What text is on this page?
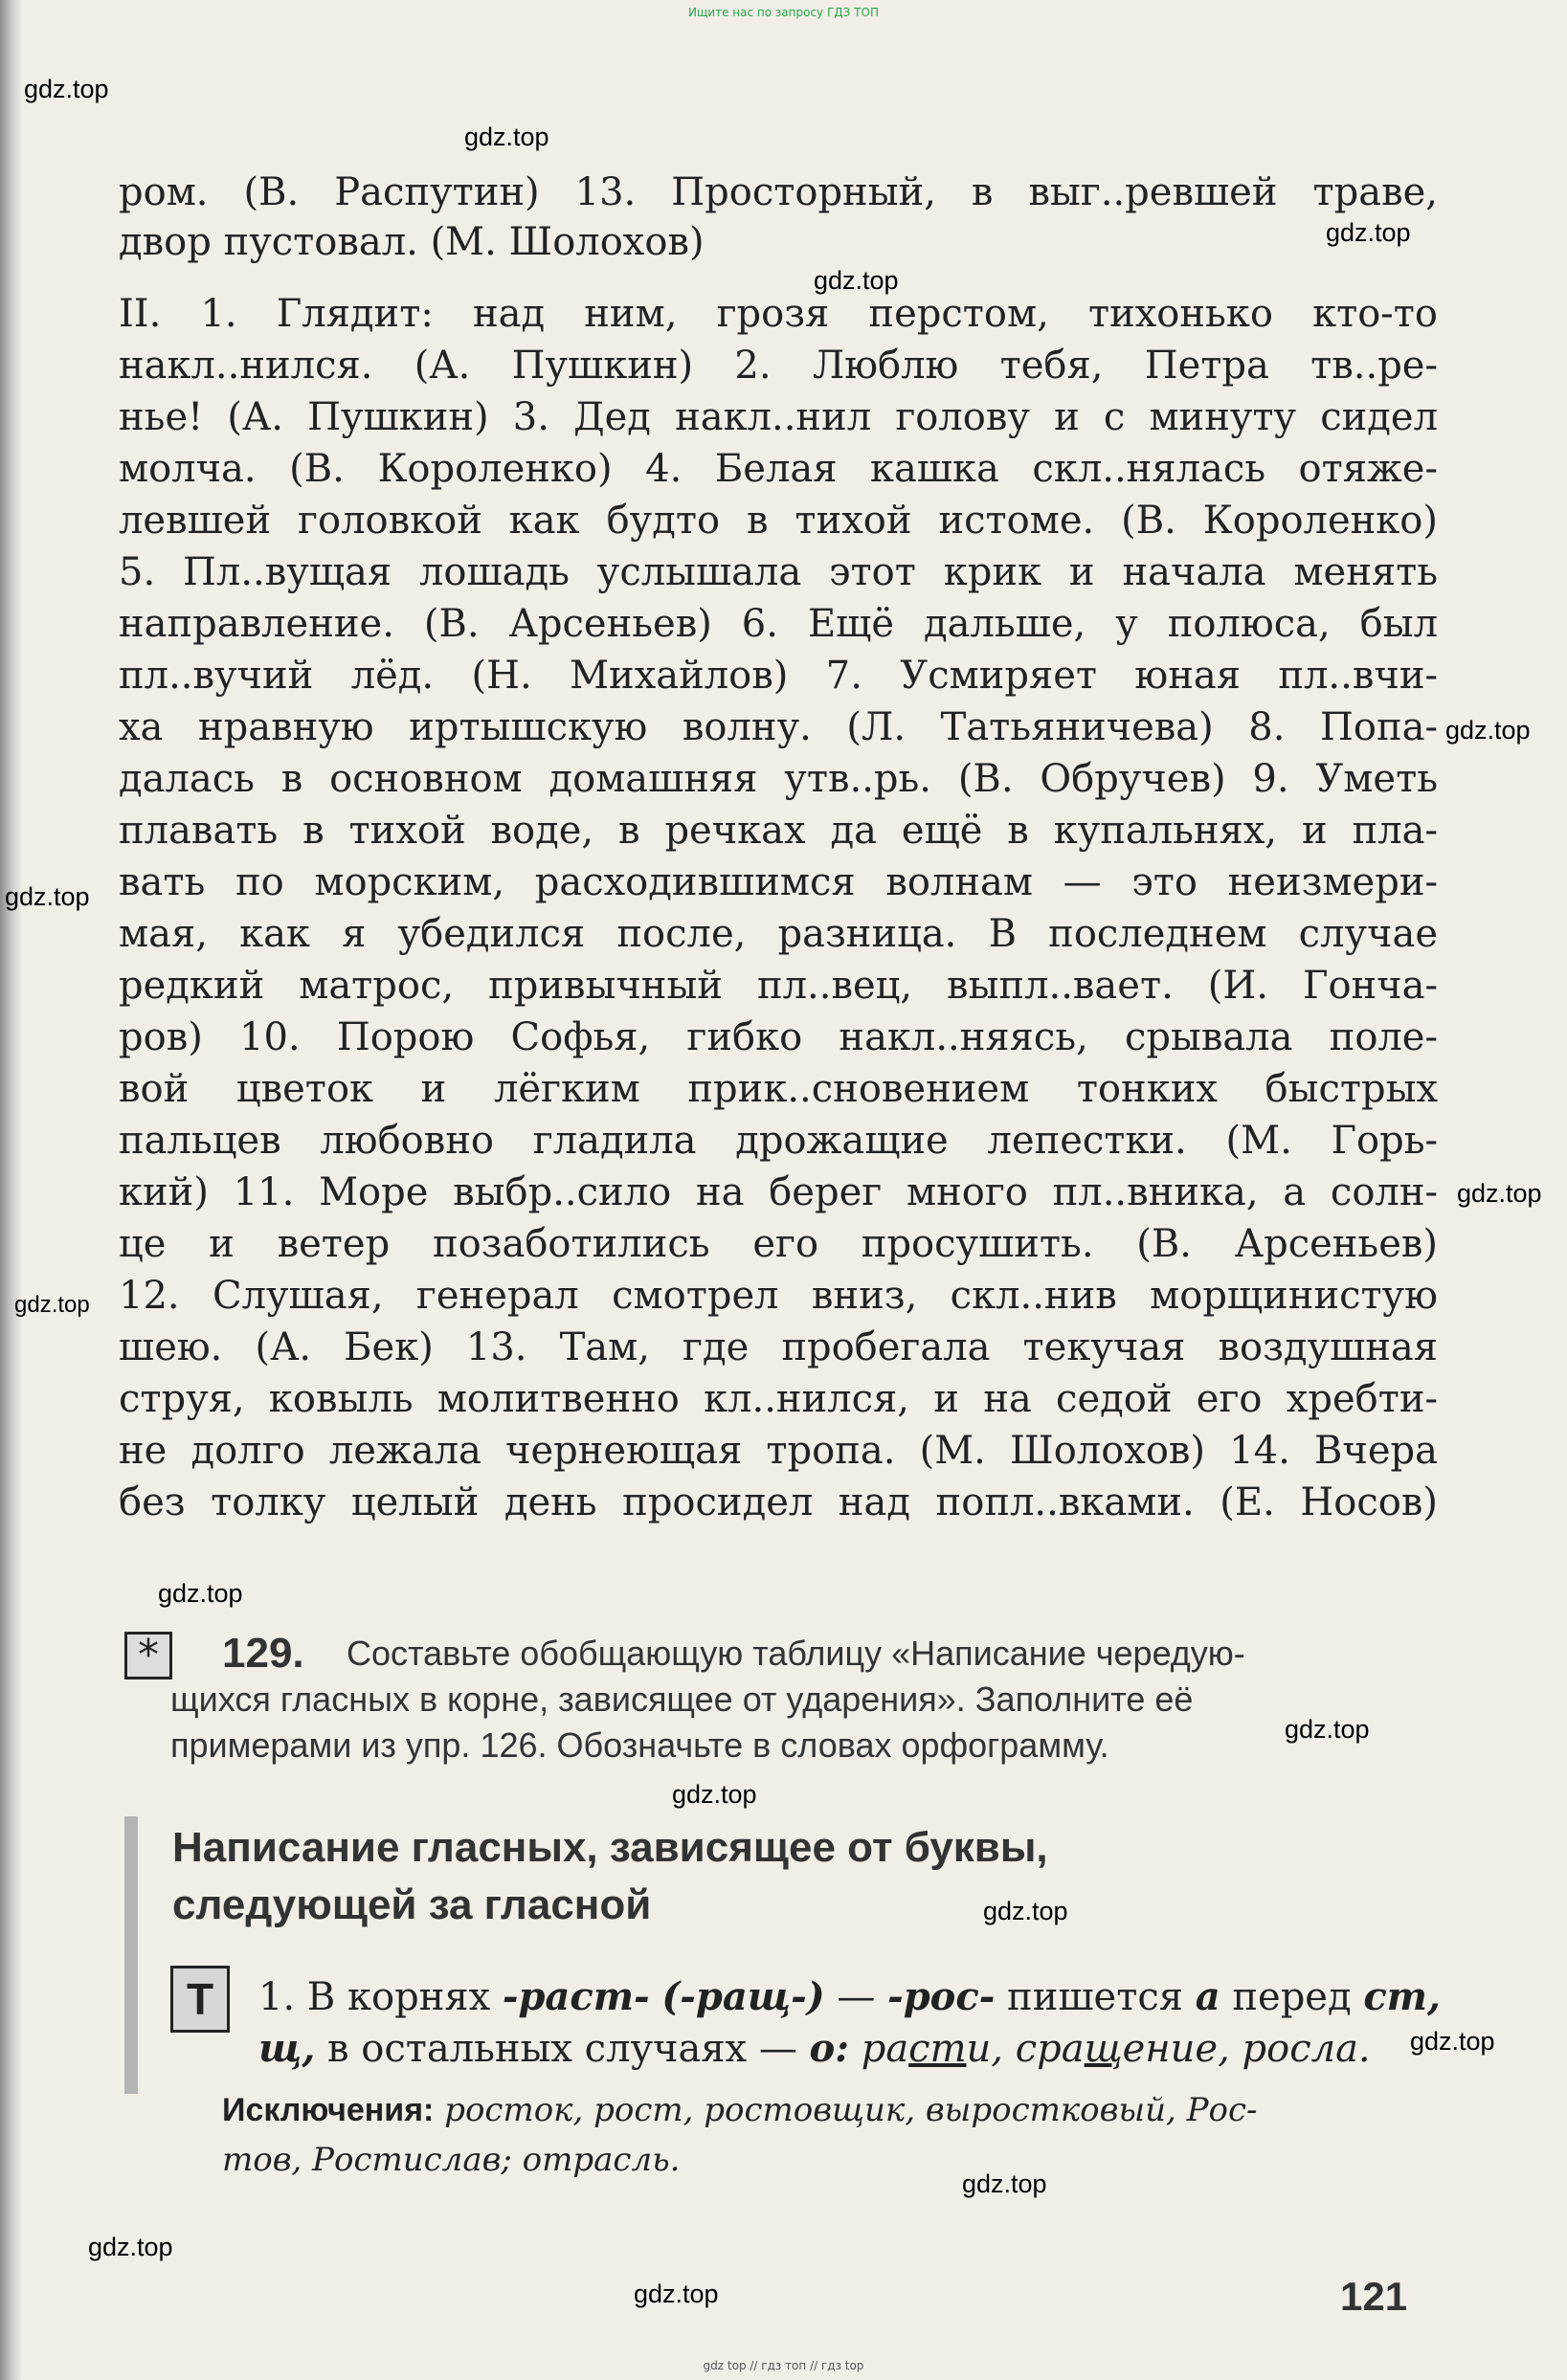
Ищите нас по запросу ГДЗ ТОП
gdz.top
gdz.top
gdz.top
gdz.top
gdz.top
gdz.top
gdz.top
gdz.top
gdz.top
gdz.top
gdz.top
gdz.top
gdz.top
gdz.top
gdz.top
gdz.top
ром. (В. Распутин) 13. Просторный, в выг..ревшей траве,
двор пустовал. (М. Шолохов)
II. 1. Глядит: над ним, грозя перстом, тихонько кто-то
накл..нился. (А. Пушкин) 2. Люблю тебя, Петра тв..ре-
нье! (А. Пушкин) 3. Дед накл..нил голову и с минуту сидел
молча. (В. Короленко) 4. Белая кашка скл..нялась отяже-
левшей головкой как будто в тихой истоме. (В. Короленко)
5. Пл..вущая лошадь услышала этот крик и начала менять
направление. (В. Арсеньев) 6. Ещё дальше, у полюса, был
пл..вучий лёд. (Н. Михайлов) 7. Усмиряет юная пл..вчи-
ха нравную иртышскую волну. (Л. Татьяничева) 8. Попа-
далась в основном домашняя утв..рь. (В. Обручев) 9. Уметь
плавать в тихой воде, в речках да ещё в купальнях, и пла-
вать по морским, расходившимся волнам — это неизмери-
мая, как я убедился после, разница. В последнем случае
редкий матрос, привычный пл..вец, выпл..вает. (И. Гонча-
ров) 10. Порою Софья, гибко накл..няясь, срывала поле-
вой цветок и лёгким прик..сновением тонких быстрых
пальцев любовно гладила дрожащие лепестки. (М. Горь-
кий) 11. Море выбр..сило на берег много пл..вника, а солн-
це и ветер позаботились его просушить. (В. Арсеньев)
12. Слушая, генерал смотрел вниз, скл..нив морщинистую
шею. (А. Бек) 13. Там, где пробегала текучая воздушная
струя, ковыль молитвенно кл..нился, и на седой его хребти-
не долго лежала чернеющая тропа. (М. Шолохов) 14. Вчера
без толку целый день просидел над попл..вками. (Е. Носов)
*	129. Составьте обобщающую таблицу «Написание чередую-
щихся гласных в корне, зависящее от ударения». Заполните её
примерами из упр. 126. Обозначьте в словах орфограмму.
Написание гласных, зависящее от буквы,
следующей за гласной
Т	1. В корнях -раст- (-ращ-) — -рос- пишется а перед ст,
щ, в остальных случаях — о: расти, сращение, росла.
Исключения: росток, рост, ростовщик, выростковый, Рос-
тов, Ростислав; отрасль.
121
gdz top // гдз топ // гдз top
